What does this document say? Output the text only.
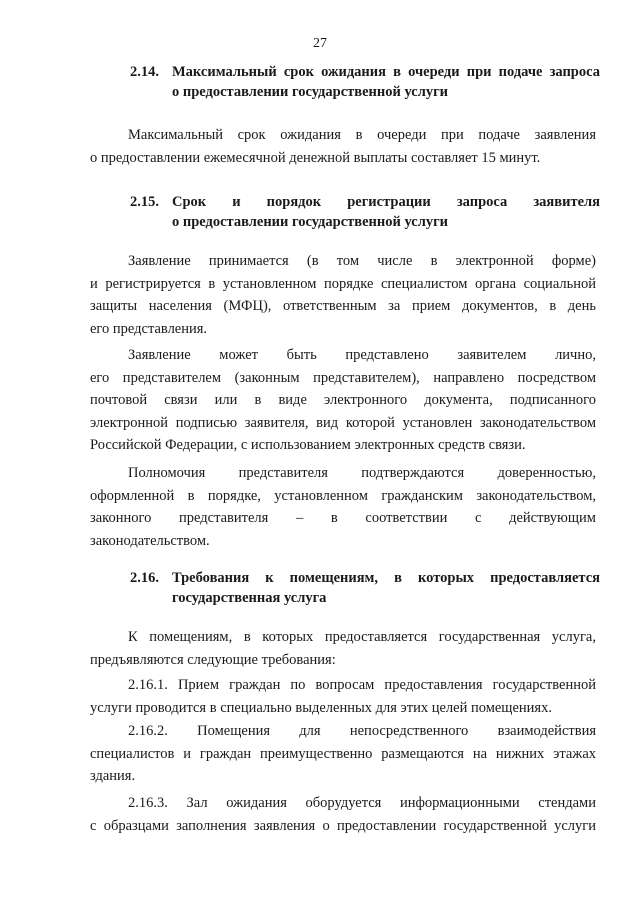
27
2.14. Максимальный срок ожидания в очереди при подаче запроса
о предоставлении государственной услуги
Максимальный срок ожидания в очереди при подаче заявления
о предоставлении ежемесячной денежной выплаты составляет 15 минут.
2.15. Срок и порядок регистрации запроса заявителя
о предоставлении государственной услуги
Заявление принимается (в том числе в электронной форме)
и регистрируется в установленном порядке специалистом органа социальной
защиты населения (МФЦ), ответственным за прием документов, в день
его представления.
Заявление может быть представлено заявителем лично,
его представителем (законным представителем), направлено посредством
почтовой связи или в виде электронного документа, подписанного
электронной подписью заявителя, вид которой установлен законодательством
Российской Федерации, с использованием электронных средств связи.
Полномочия представителя подтверждаются доверенностью,
оформленной в порядке, установленном гражданским законодательством,
законного представителя – в соответствии с действующим
законодательством.
2.16. Требования к помещениям, в которых предоставляется
государственная услуга
К помещениям, в которых предоставляется государственная услуга,
предъявляются следующие требования:
2.16.1. Прием граждан по вопросам предоставления государственной
услуги проводится в специально выделенных для этих целей помещениях.
2.16.2. Помещения для непосредственного взаимодействия
специалистов и граждан преимущественно размещаются на нижних этажах
здания.
2.16.3. Зал ожидания оборудуется информационными стендами
с образцами заполнения заявления о предоставлении государственной услуги
